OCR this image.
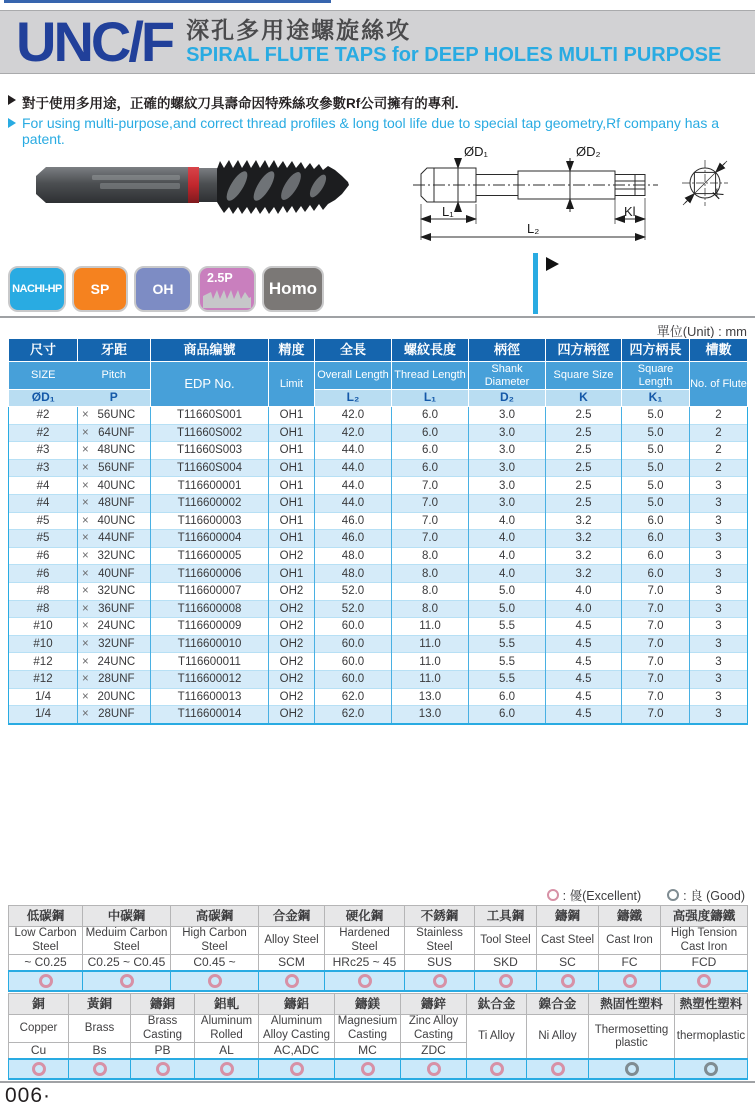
UNC/F 深孔多用途螺旋絲攻
SPIRAL FLUTE TAPS for DEEP HOLES MULTI PURPOSE
對于使用多用途，正確的螺紋刀具壽命因特殊絲攻參數Rf公司擁有的專利.
For using multi-purpose,and correct thread profiles & long tool life due to special tap geometry,Rf company has a patent.
ØD₁	ØD₂
L₁	Kl
L₂
K
NACHI-HP SP	OH
2.5P
Homo
單位(Unit) : mm
尺寸	牙距	商品编號	精度	全長	螺紋長度	柄徑	四方柄徑	四方柄長	槽數
SIZE	Pitch	EDP No.	Limit	Overall Length	Thread Length	Shank Diameter	Square Size	Square Length	No. of Flute
ØD₁	P			L₂	L₁	D₂	K	K₁	
#2	× 56UNC	T11660S001	OH1	42.0	6.0	3.0	2.5	5.0	2
#2	× 64UNF	T11660S002	OH1	42.0	6.0	3.0	2.5	5.0	2
#3	× 48UNC	T11660S003	OH1	44.0	6.0	3.0	2.5	5.0	2
#3	× 56UNF	T11660S004	OH1	44.0	6.0	3.0	2.5	5.0	2
#4	× 40UNC	T116600001	OH1	44.0	7.0	3.0	2.5	5.0	3
#4	× 48UNF	T116600002	OH1	44.0	7.0	3.0	2.5	5.0	3
#5	× 40UNC	T116600003	OH1	46.0	7.0	4.0	3.2	6.0	3
#5	× 44UNF	T116600004	OH1	46.0	7.0	4.0	3.2	6.0	3
#6	× 32UNC	T116600005	OH2	48.0	8.0	4.0	3.2	6.0	3
#6	× 40UNF	T116600006	OH1	48.0	8.0	4.0	3.2	6.0	3
#8	× 32UNC	T116600007	OH2	52.0	8.0	5.0	4.0	7.0	3
#8	× 36UNF	T116600008	OH2	52.0	8.0	5.0	4.0	7.0	3
#10	× 24UNC	T116600009	OH2	60.0	11.0	5.5	4.5	7.0	3
#10	× 32UNF	T116600010	OH2	60.0	11.0	5.5	4.5	7.0	3
#12	× 24UNC	T116600011	OH2	60.0	11.0	5.5	4.5	7.0	3
#12	× 28UNF	T116600012	OH2	60.0	11.0	5.5	4.5	7.0	3
1/4	× 20UNC	T116600013	OH2	62.0	13.0	6.0	4.5	7.0	3
1/4	× 28UNF	T116600014	OH2	62.0	13.0	6.0	4.5	7.0	3
: 優(Excellent)	: 良 (Good)
低碳鋼	中碳鋼	高碳鋼	合金鋼	硬化鋼	不銹鋼	工具鋼	鑄鋼	鑄鐵	高强度鑄鐵
Low Carbon Steel	Meduim Carbon Steel	High Carbon Steel	Alloy Steel	Hardened Steel	Stainless Steel	Tool Steel	Cast Steel	Cast Iron	High Tension Cast Iron
~ C0.25	C0.25 ~ C0.45	C0.45 ~	SCM	HRc25 ~ 45	SUS	SKD	SC	FC	FCD

銅	黃銅	鑄銅	鋁軋	鑄鋁	鑄鎂	鑄鋅	鈦合金	鎳合金	熱固性塑料	熱塑性塑料
Copper	Brass	Brass Casting	Aluminum Rolled	Aluminum Alloy Casting	Magnesium Casting	Zinc Alloy Casting	Ti Alloy	Ni Alloy	Thermosetting plastic	thermoplastic
Cu	Bs	PB	AL	AC,ADC	MC	ZDC				

006·
